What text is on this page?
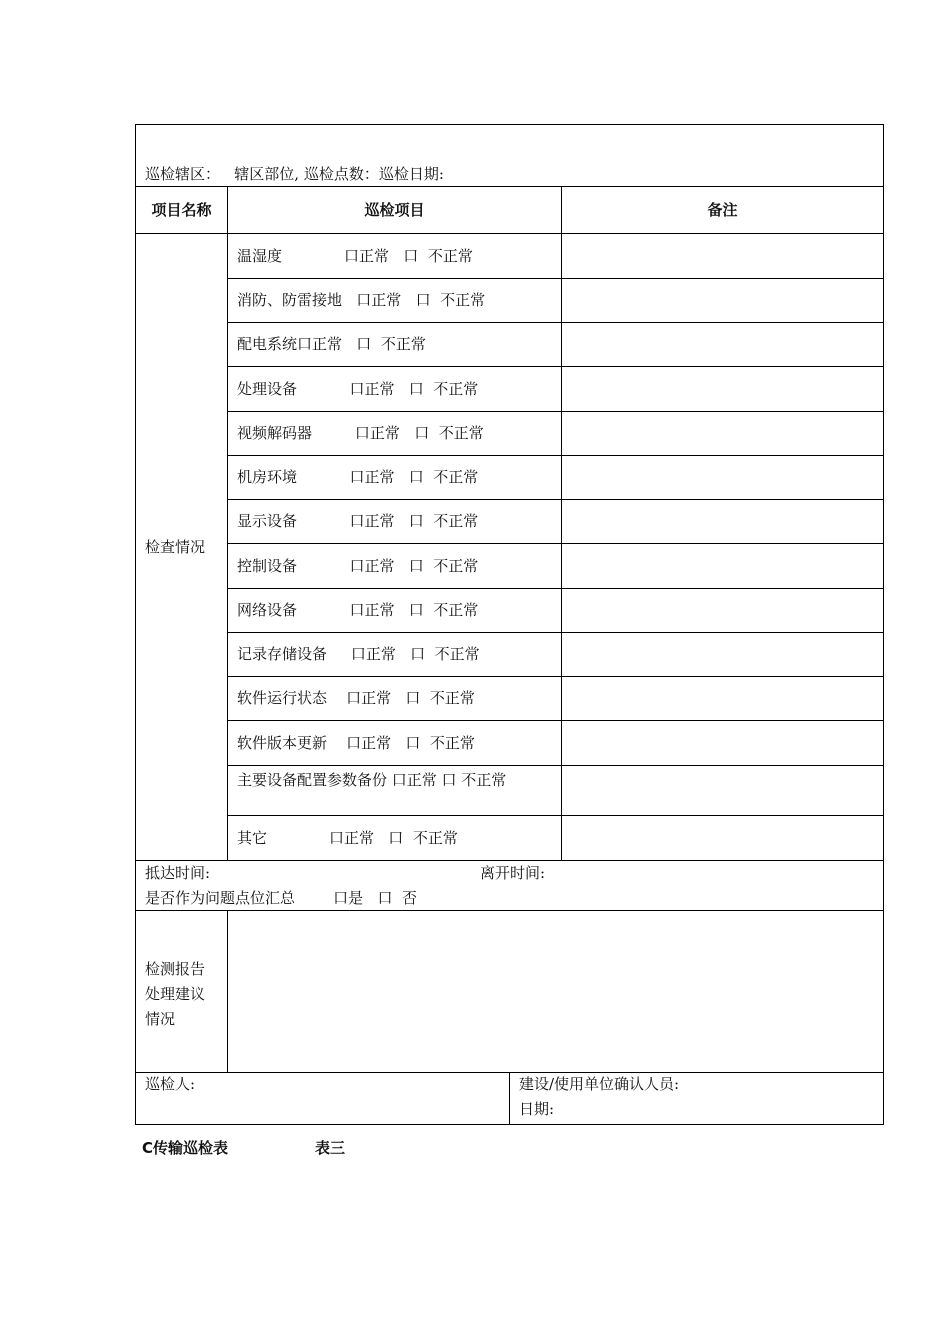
巡检辖区：   辖区部位, 巡检点数：巡检日期:
项目名称	巡检项目	备注
检查情况
温湿度             口正常   口  不正常
消防、防雷接地   口正常   口  不正常
配电系统口正常   口  不正常
处理设备           口正常   口  不正常
视频解码器         口正常   口  不正常
机房环境           口正常   口  不正常
显示设备           口正常   口  不正常
控制设备           口正常   口  不正常
网络设备           口正常   口  不正常
记录存储设备     口正常   口  不正常
软件运行状态    口正常   口  不正常
软件版本更新    口正常   口  不正常
主要设备配置参数备份 口正常 口 不正常
其它             口正常   口  不正常
抵达时间:	离开时间:
是否作为问题点位汇总        口是   口  否
检测报告
处理建议
情况
巡检人:	建设/使用单位确认人员:
日期:
C传输巡检表	表三
